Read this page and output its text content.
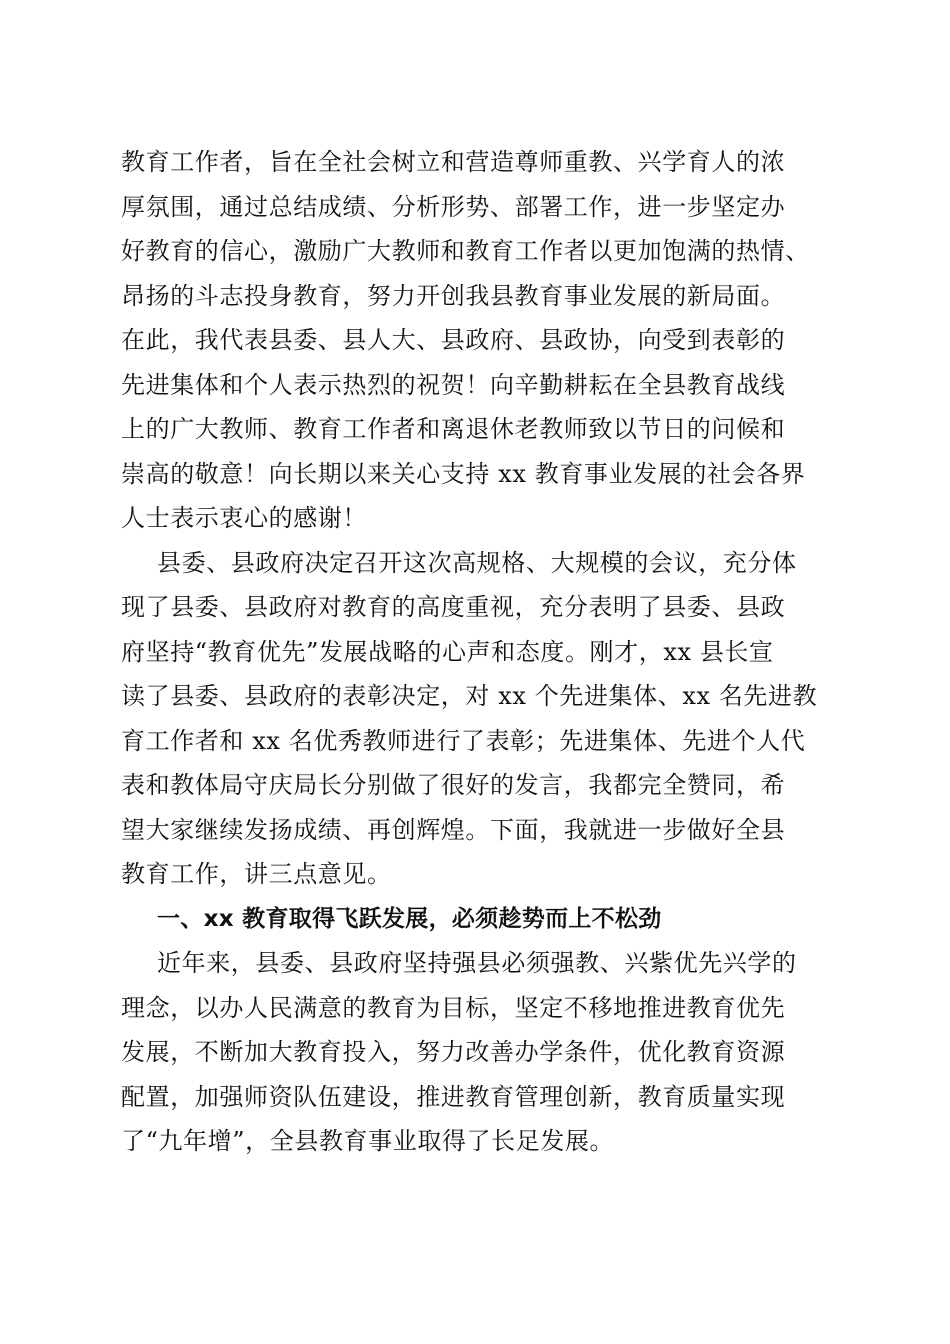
教育工作者，旨在全社会树立和营造尊师重教、兴学育人的浓
厚氛围，通过总结成绩、分析形势、部署工作，进一步坚定办
好教育的信心，激励广大教师和教育工作者以更加饱满的热情、
昂扬的斗志投身教育，努力开创我县教育事业发展的新局面。
在此，我代表县委、县人大、县政府、县政协，向受到表彰的
先进集体和个人表示热烈的祝贺！向辛勤耕耘在全县教育战线
上的广大教师、教育工作者和离退休老教师致以节日的问候和
崇高的敬意！向长期以来关心支持 xx 教育事业发展的社会各界
人士表示衷心的感谢！
县委、县政府决定召开这次高规格、大规模的会议，充分体
现了县委、县政府对教育的高度重视，充分表明了县委、县政
府坚持“教育优先”发展战略的心声和态度。刚才，xx 县长宣
读了县委、县政府的表彰决定，对 xx 个先进集体、xx 名先进教
育工作者和 xx 名优秀教师进行了表彰；先进集体、先进个人代
表和教体局守庆局长分别做了很好的发言，我都完全赞同，希
望大家继续发扬成绩、再创辉煌。下面，我就进一步做好全县
教育工作，讲三点意见。
一、xx 教育取得飞跃发展，必须趁势而上不松劲
近年来，县委、县政府坚持强县必须强教、兴紫优先兴学的
理念，以办人民满意的教育为目标，坚定不移地推进教育优先
发展，不断加大教育投入，努力改善办学条件，优化教育资源
配置，加强师资队伍建设，推进教育管理创新，教育质量实现
了“九年增”，全县教育事业取得了长足发展。
